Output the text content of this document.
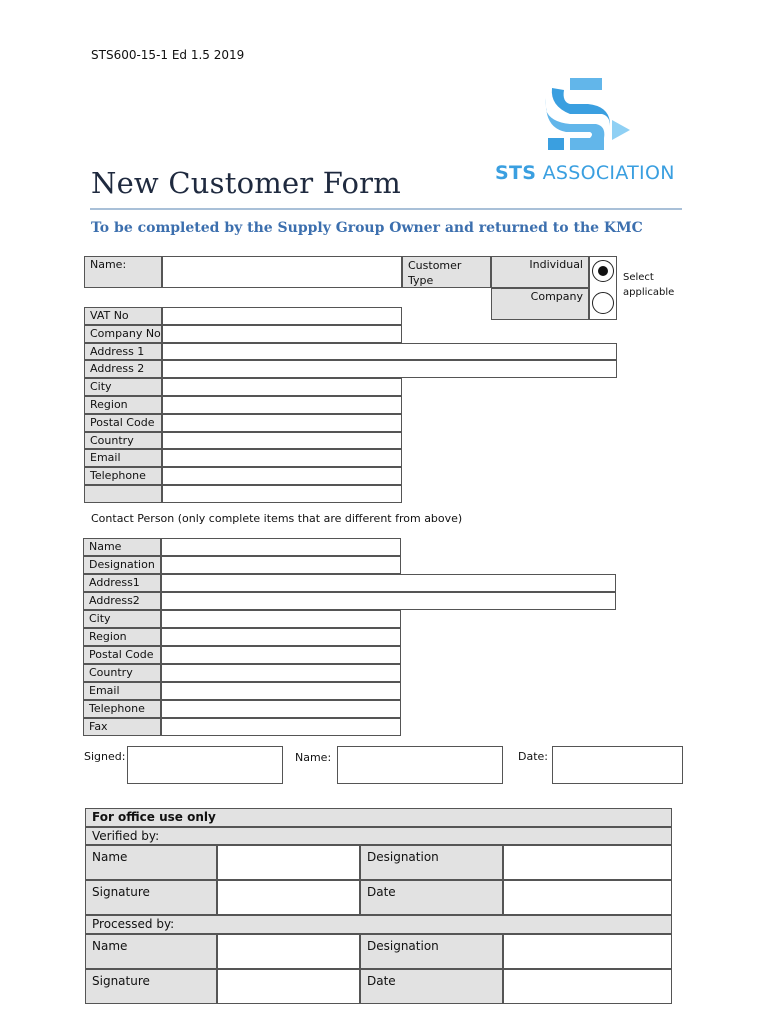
STS600-15-1 Ed 1.5 2019
STS ASSOCIATION
New Customer Form
To be completed by the Supply Group Owner and returned to the KMC
Name:	Customer Type
Individual
Company
Select applicable
VAT No
Company No
Address 1
Address 2
City
Region
Postal Code
Country
Email
Telephone
Contact Person (only complete items that are different from above)
Name
Designation
Address1
Address2
City
Region
Postal Code
Country
Email
Telephone
Fax
Signed:	Name:	Date:
For office use only
Verified by:
Name	Designation
Signature	Date
Processed by:
Name	Designation
Signature	Date
